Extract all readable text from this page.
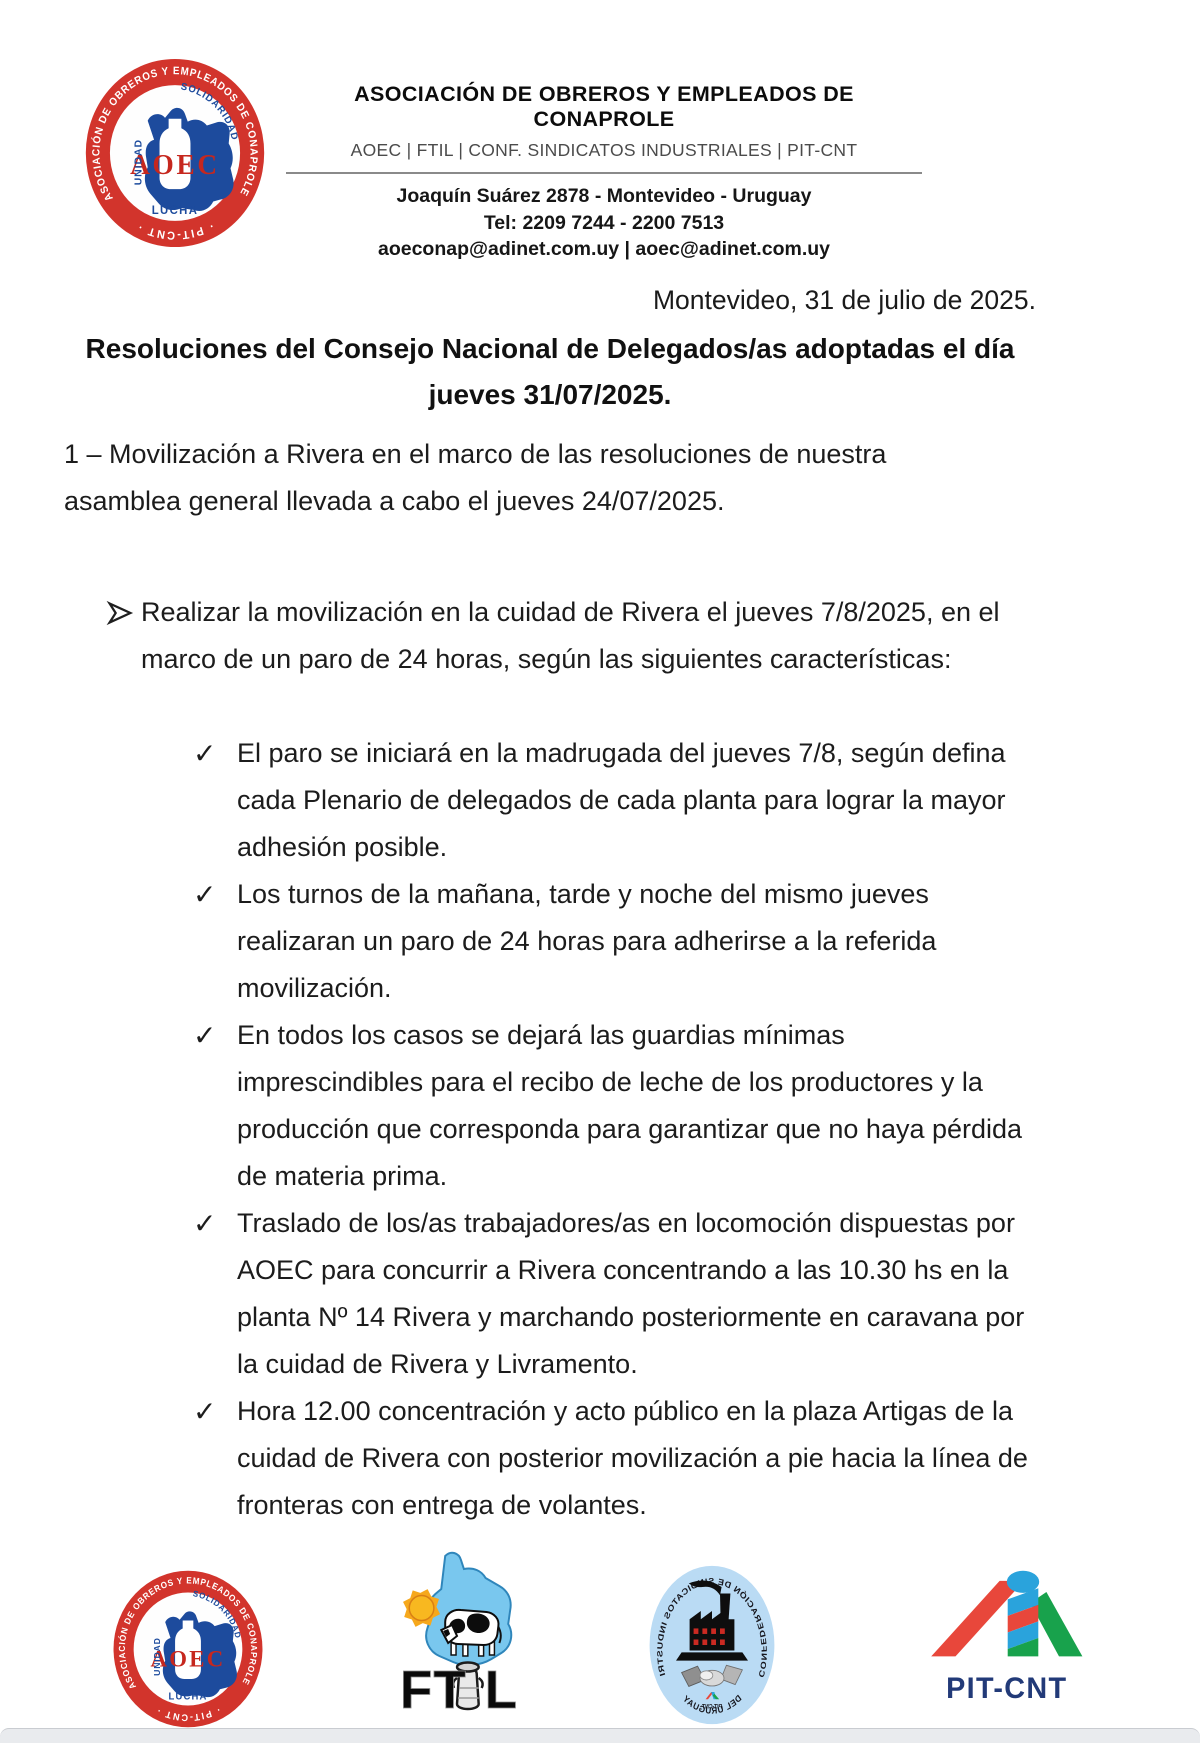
ASOCIACIÓN DE OBREROS Y EMPLEADOS DE CONAPROLE
AOEC | FTIL | CONF. SINDICATOS INDUSTRIALES | PIT-CNT
Joaquín Suárez 2878 - Montevideo - Uruguay
Tel: 2209 7244 - 2200 7513
aoeconap@adinet.com.uy | aoec@adinet.com.uy
Montevideo, 31 de julio de 2025.
Resoluciones del Consejo Nacional de Delegados/as adoptadas el día
jueves 31/07/2025.
1 – Movilización a Rivera en el marco de las resoluciones de nuestra asamblea general llevada a cabo el jueves 24/07/2025.
Realizar la movilización en la cuidad de Rivera el jueves 7/8/2025, en el marco de un paro de 24 horas, según las siguientes características:
✓ El paro se iniciará en la madrugada del jueves 7/8, según defina cada Plenario de delegados de cada planta para lograr la mayor adhesión posible.
✓ Los turnos de la mañana, tarde y noche del mismo jueves realizaran un paro de 24 horas para adherirse a la referida movilización.
✓ En todos los casos se dejará las guardias mínimas imprescindibles para el recibo de leche de los productores y la producción que corresponda para garantizar que no haya pérdida de materia prima.
✓ Traslado de los/as trabajadores/as en locomoción dispuestas por AOEC para concurrir a Rivera concentrando a las 10.30 hs en la planta Nº 14 Rivera y marchando posteriormente en caravana por la cuidad de Rivera y Livramento.
✓ Hora 12.00 concentración y acto público en la plaza Artigas de la cuidad de Rivera con posterior movilización a pie hacia la línea de fronteras con entrega de volantes.
